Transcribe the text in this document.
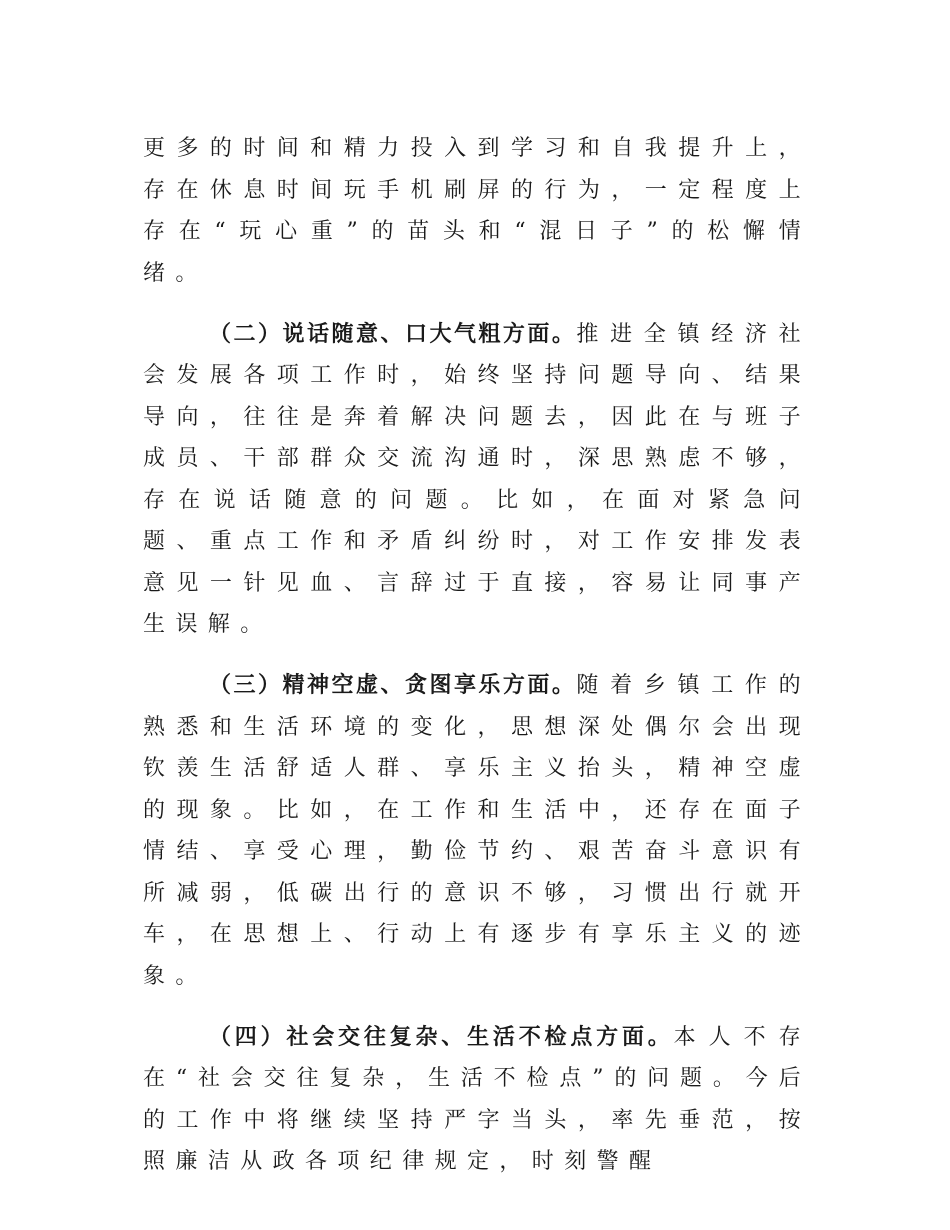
更多的时间和精力投入到学习和自我提升上，存在休息时间玩手机刷屏的行为，一定程度上存在“玩心重”的苗头和“混日子”的松懈情绪。

（二）说话随意、口大气粗方面。推进全镇经济社会发展各项工作时，始终坚持问题导向、结果导向，往往是奔着解决问题去，因此在与班子成员、干部群众交流沟通时，深思熟虑不够，存在说话随意的问题。比如，在面对紧急问题、重点工作和矛盾纠纷时，对工作安排发表意见一针见血、言辞过于直接，容易让同事产生误解。

（三）精神空虚、贪图享乐方面。随着乡镇工作的熟悉和生活环境的变化，思想深处偶尔会出现钦羡生活舒适人群、享乐主义抬头，精神空虚的现象。比如，在工作和生活中，还存在面子情结、享受心理，勤俭节约、艰苦奋斗意识有所减弱，低碳出行的意识不够，习惯出行就开车，在思想上、行动上有逐步有享乐主义的迹象。

（四）社会交往复杂、生活不检点方面。本人不存在“社会交往复杂，生活不检点”的问题。今后的工作中将继续坚持严字当头，率先垂范，按照廉洁从政各项纪律规定，时刻警醒
